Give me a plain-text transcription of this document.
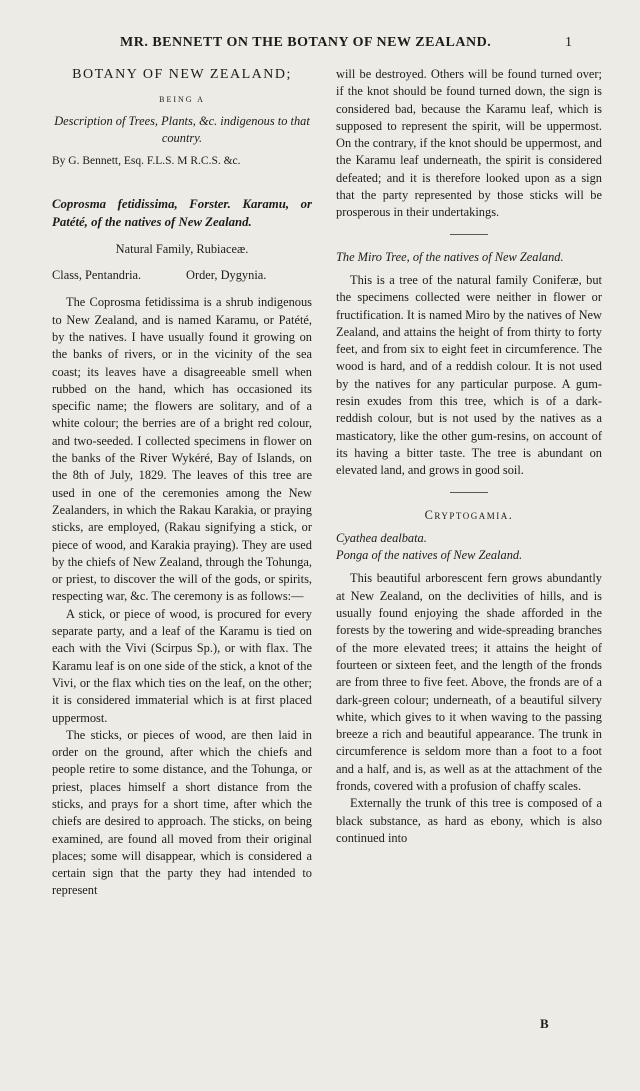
MR. BENNETT ON THE BOTANY OF NEW ZEALAND.	1
BOTANY OF NEW ZEALAND;
BEING A
Description of Trees, Plants, &c. indigenous to that country.
By G. Bennett, Esq. F.L.S. M R.C.S. &c.

Coprosma fetidissima, Forster. Karamu, or Patété, of the natives of New Zealand.

Natural Family, Rubiaceæ.
Class, Pentandria.	Order, Dygynia.

The Coprosma fetidissima is a shrub indigenous to New Zealand, and is named Karamu, or Patété, by the natives. I have usually found it growing on the banks of rivers, or in the vicinity of the sea coast; its leaves have a disagreeable smell when rubbed on the hand, which has occasioned its specific name; the flowers are solitary, and of a white colour; the berries are of a bright red colour, and two-seeded. I collected specimens in flower on the banks of the River Wykéré, Bay of Islands, on the 8th of July, 1829. The leaves of this tree are used in one of the ceremonies among the New Zealanders, in which the Rakau Karakia, or praying sticks, are employed, (Rakau signifying a stick, or piece of wood, and Karakia praying). They are used by the chiefs of New Zealand, through the Tohunga, or priest, to discover the will of the gods, or spirits, respecting war, &c. The ceremony is as follows:—

A stick, or piece of wood, is procured for every separate party, and a leaf of the Karamu is tied on each with the Vivi (Scirpus Sp.), or with flax. The Karamu leaf is on one side of the stick, a knot of the Vivi, or the flax which ties on the leaf, on the other; it is considered immaterial which is at first placed uppermost.

The sticks, or pieces of wood, are then laid in order on the ground, after which the chiefs and people retire to some distance, and the Tohunga, or priest, places himself a short distance from the sticks, and prays for a short time, after which the chiefs are desired to approach. The sticks, on being examined, are found all moved from their original places; some will disappear, which is considered a certain sign that the party they had intended to represent

will be destroyed. Others will be found turned over; if the knot should be found turned down, the sign is considered bad, because the Karamu leaf, which is supposed to represent the spirit, will be uppermost. On the contrary, if the knot should be uppermost, and the Karamu leaf underneath, the spirit is considered defeated; and it is therefore looked upon as a sign that the party represented by those sticks will be prosperous in their undertakings.

The Miro Tree, of the natives of New Zealand.

This is a tree of the natural family Coniferæ, but the specimens collected were neither in flower or fructification. It is named Miro by the natives of New Zealand, and attains the height of from thirty to forty feet, and from six to eight feet in circumference. The wood is hard, and of a reddish colour. It is not used by the natives for any particular purpose. A gum-resin exudes from this tree, which is of a dark-reddish colour, but is not used by the natives as a masticatory, like the other gum-resins, on account of its having a bitter taste. The tree is abundant on elevated land, and grows in good soil.

Cryptogamia.

Cyathea dealbata.

Ponga of the natives of New Zealand.

This beautiful arborescent fern grows abundantly at New Zealand, on the declivities of hills, and is usually found enjoying the shade afforded in the forests by the towering and wide-spreading branches of the more elevated trees; it attains the height of fourteen or sixteen feet, and the length of the fronds are from three to five feet. Above, the fronds are of a dark-green colour; underneath, of a beautiful silvery white, which gives to it when waving to the passing breeze a rich and beautiful appearance. The trunk in circumference is seldom more than a foot to a foot and a half, and is, as well as at the attachment of the fronds, covered with a profusion of chaffy scales.

Externally the trunk of this tree is composed of a black substance, as hard as ebony, which is also continued into

B
